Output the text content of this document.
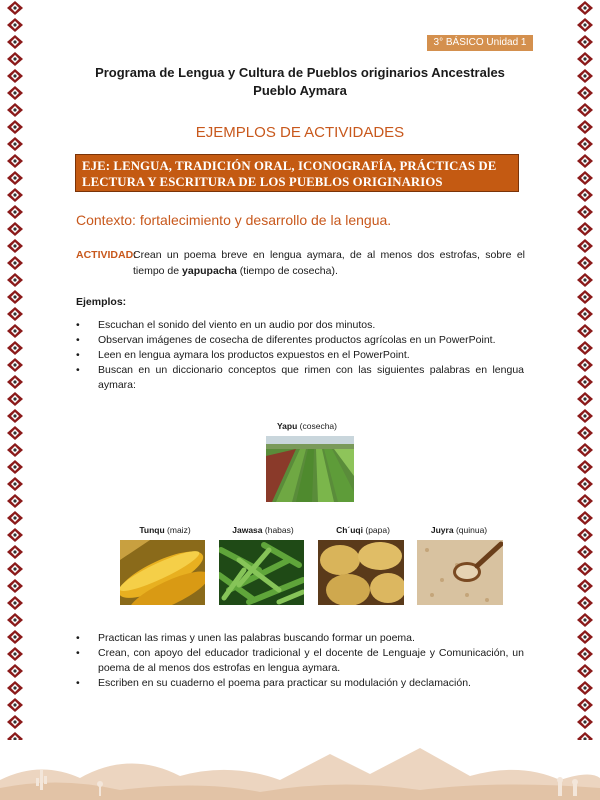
3° BÁSICO Unidad 1
Programa de Lengua y Cultura de Pueblos originarios Ancestrales
Pueblo Aymara
EJEMPLOS DE ACTIVIDADES
EJE: LENGUA, TRADICIÓN ORAL, ICONOGRAFÍA, PRÁCTICAS DE
LECTURA Y ESCRITURA DE LOS PUEBLOS ORIGINARIOS
Contexto: fortalecimiento y desarrollo de la lengua.
ACTIVIDAD:
Crean un poema breve en lengua aymara, de al menos dos estrofas, sobre el tiempo de yapupacha (tiempo de cosecha).
Ejemplos:
• Escuchan el sonido del viento en un audio por dos minutos.
• Observan imágenes de cosecha de diferentes productos agrícolas en un PowerPoint.
• Leen en lengua aymara los productos expuestos en el PowerPoint.
• Buscan en un diccionario conceptos que rimen con las siguientes palabras en lengua aymara:
Yapu (cosecha)
Tunqu (maiz)	Jawasa (habas)	Ch´uqi (papa)	Juyra (quinua)
• Practican las rimas y unen las palabras buscando formar un poema.
• Crean, con apoyo del educador tradicional y el docente de Lenguaje y Comunicación, un poema de al menos dos estrofas en lengua aymara.
• Escriben en su cuaderno el poema para practicar su modulación y declamación.
